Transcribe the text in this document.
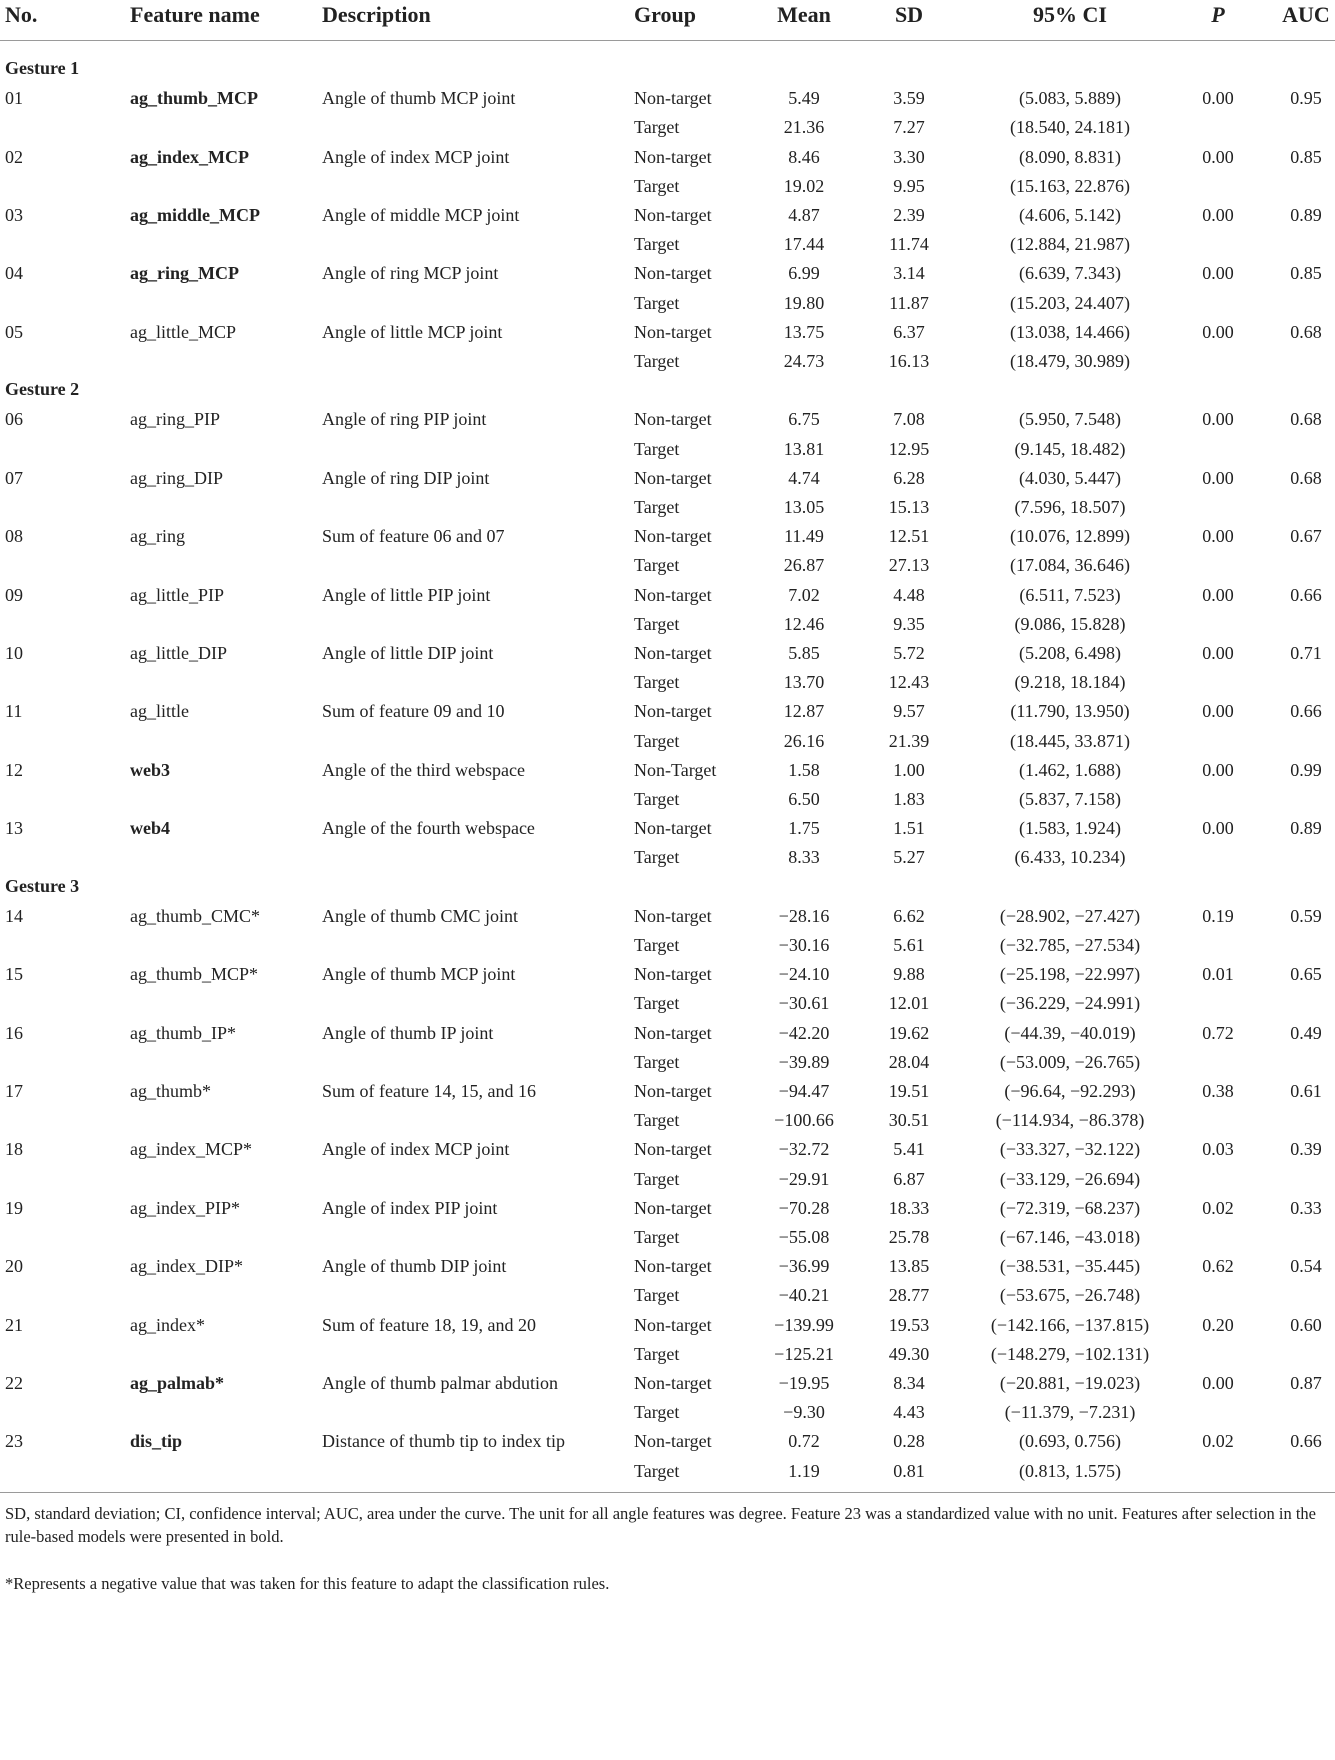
No.	Feature name	Description	Group	Mean	SD	95% CI	P	AUC
Gesture 1
01	ag_thumb_MCP	Angle of thumb MCP joint	Non-target	5.49	3.59	(5.083, 5.889)	0.00	0.95
Target	21.36	7.27	(18.540, 24.181)
02	ag_index_MCP	Angle of index MCP joint	Non-target	8.46	3.30	(8.090, 8.831)	0.00	0.85
Target	19.02	9.95	(15.163, 22.876)
03	ag_middle_MCP	Angle of middle MCP joint	Non-target	4.87	2.39	(4.606, 5.142)	0.00	0.89
Target	17.44	11.74	(12.884, 21.987)
04	ag_ring_MCP	Angle of ring MCP joint	Non-target	6.99	3.14	(6.639, 7.343)	0.00	0.85
Target	19.80	11.87	(15.203, 24.407)
05	ag_little_MCP	Angle of little MCP joint	Non-target	13.75	6.37	(13.038, 14.466)	0.00	0.68
Target	24.73	16.13	(18.479, 30.989)
Gesture 2
06	ag_ring_PIP	Angle of ring PIP joint	Non-target	6.75	7.08	(5.950, 7.548)	0.00	0.68
Target	13.81	12.95	(9.145, 18.482)
07	ag_ring_DIP	Angle of ring DIP joint	Non-target	4.74	6.28	(4.030, 5.447)	0.00	0.68
Target	13.05	15.13	(7.596, 18.507)
08	ag_ring	Sum of feature 06 and 07	Non-target	11.49	12.51	(10.076, 12.899)	0.00	0.67
Target	26.87	27.13	(17.084, 36.646)
09	ag_little_PIP	Angle of little PIP joint	Non-target	7.02	4.48	(6.511, 7.523)	0.00	0.66
Target	12.46	9.35	(9.086, 15.828)
10	ag_little_DIP	Angle of little DIP joint	Non-target	5.85	5.72	(5.208, 6.498)	0.00	0.71
Target	13.70	12.43	(9.218, 18.184)
11	ag_little	Sum of feature 09 and 10	Non-target	12.87	9.57	(11.790, 13.950)	0.00	0.66
Target	26.16	21.39	(18.445, 33.871)
12	web3	Angle of the third webspace	Non-Target	1.58	1.00	(1.462, 1.688)	0.00	0.99
Target	6.50	1.83	(5.837, 7.158)
13	web4	Angle of the fourth webspace	Non-target	1.75	1.51	(1.583, 1.924)	0.00	0.89
Target	8.33	5.27	(6.433, 10.234)
Gesture 3
14	ag_thumb_CMC*	Angle of thumb CMC joint	Non-target	−28.16	6.62	(−28.902, −27.427)	0.19	0.59
Target	−30.16	5.61	(−32.785, −27.534)
15	ag_thumb_MCP*	Angle of thumb MCP joint	Non-target	−24.10	9.88	(−25.198, −22.997)	0.01	0.65
Target	−30.61	12.01	(−36.229, −24.991)
16	ag_thumb_IP*	Angle of thumb IP joint	Non-target	−42.20	19.62	(−44.39, −40.019)	0.72	0.49
Target	−39.89	28.04	(−53.009, −26.765)
17	ag_thumb*	Sum of feature 14, 15, and 16	Non-target	−94.47	19.51	(−96.64, −92.293)	0.38	0.61
Target	−100.66	30.51	(−114.934, −86.378)
18	ag_index_MCP*	Angle of index MCP joint	Non-target	−32.72	5.41	(−33.327, −32.122)	0.03	0.39
Target	−29.91	6.87	(−33.129, −26.694)
19	ag_index_PIP*	Angle of index PIP joint	Non-target	−70.28	18.33	(−72.319, −68.237)	0.02	0.33
Target	−55.08	25.78	(−67.146, −43.018)
20	ag_index_DIP*	Angle of thumb DIP joint	Non-target	−36.99	13.85	(−38.531, −35.445)	0.62	0.54
Target	−40.21	28.77	(−53.675, −26.748)
21	ag_index*	Sum of feature 18, 19, and 20	Non-target	−139.99	19.53	(−142.166, −137.815)	0.20	0.60
Target	−125.21	49.30	(−148.279, −102.131)
22	ag_palmab*	Angle of thumb palmar abdution	Non-target	−19.95	8.34	(−20.881, −19.023)	0.00	0.87
Target	−9.30	4.43	(−11.379, −7.231)
23	dis_tip	Distance of thumb tip to index tip	Non-target	0.72	0.28	(0.693, 0.756)	0.02	0.66
Target	1.19	0.81	(0.813, 1.575)
SD, standard deviation; CI, confidence interval; AUC, area under the curve. The unit for all angle features was degree. Feature 23 was a standardized value with no unit. Features after selection in the rule-based models were presented in bold.
*Represents a negative value that was taken for this feature to adapt the classification rules.
